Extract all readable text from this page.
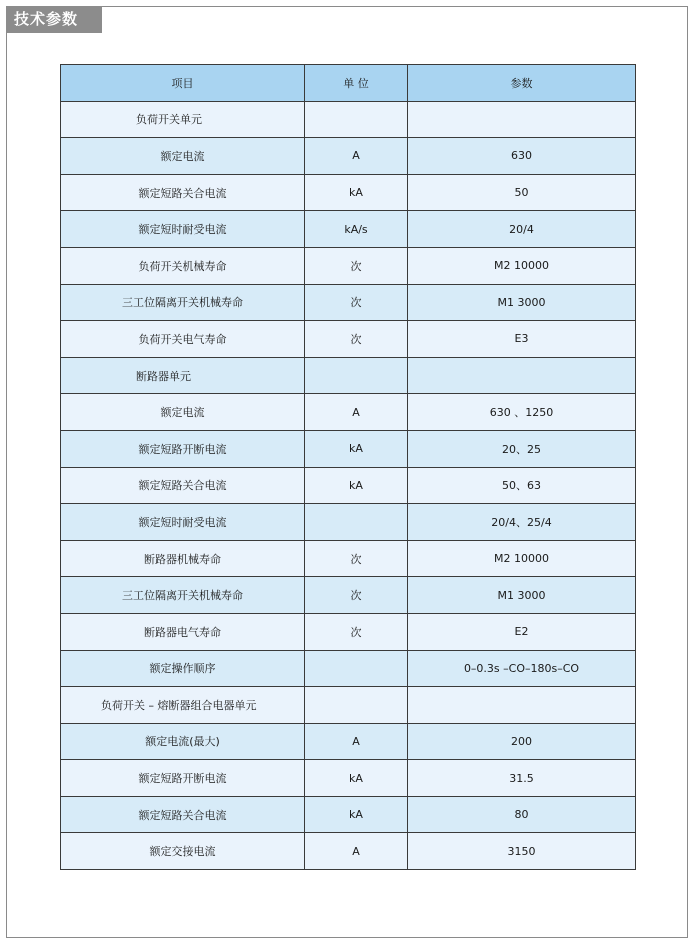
技术参数
项目	单 位	参数
负荷开关单元		
额定电流	A	630
额定短路关合电流	kA	50
额定短时耐受电流	kA/s	20/4
负荷开关机械寿命	次	M2 10000
三工位隔离开关机械寿命	次	M1 3000
负荷开关电气寿命	次	E3
断路器单元		
额定电流	A	630 、1250
额定短路开断电流	kA	20、25
额定短路关合电流	kA	50、63
额定短时耐受电流		20/4、25/4
断路器机械寿命	次	M2 10000
三工位隔离开关机械寿命	次	M1 3000
断路器电气寿命	次	E2
额定操作顺序		0–0.3s –CO–180s–CO
负荷开关 – 熔断器组合电器单元		
额定电流(最大)	A	200
额定短路开断电流	kA	31.5
额定短路关合电流	kA	80
额定交接电流	A	3150
